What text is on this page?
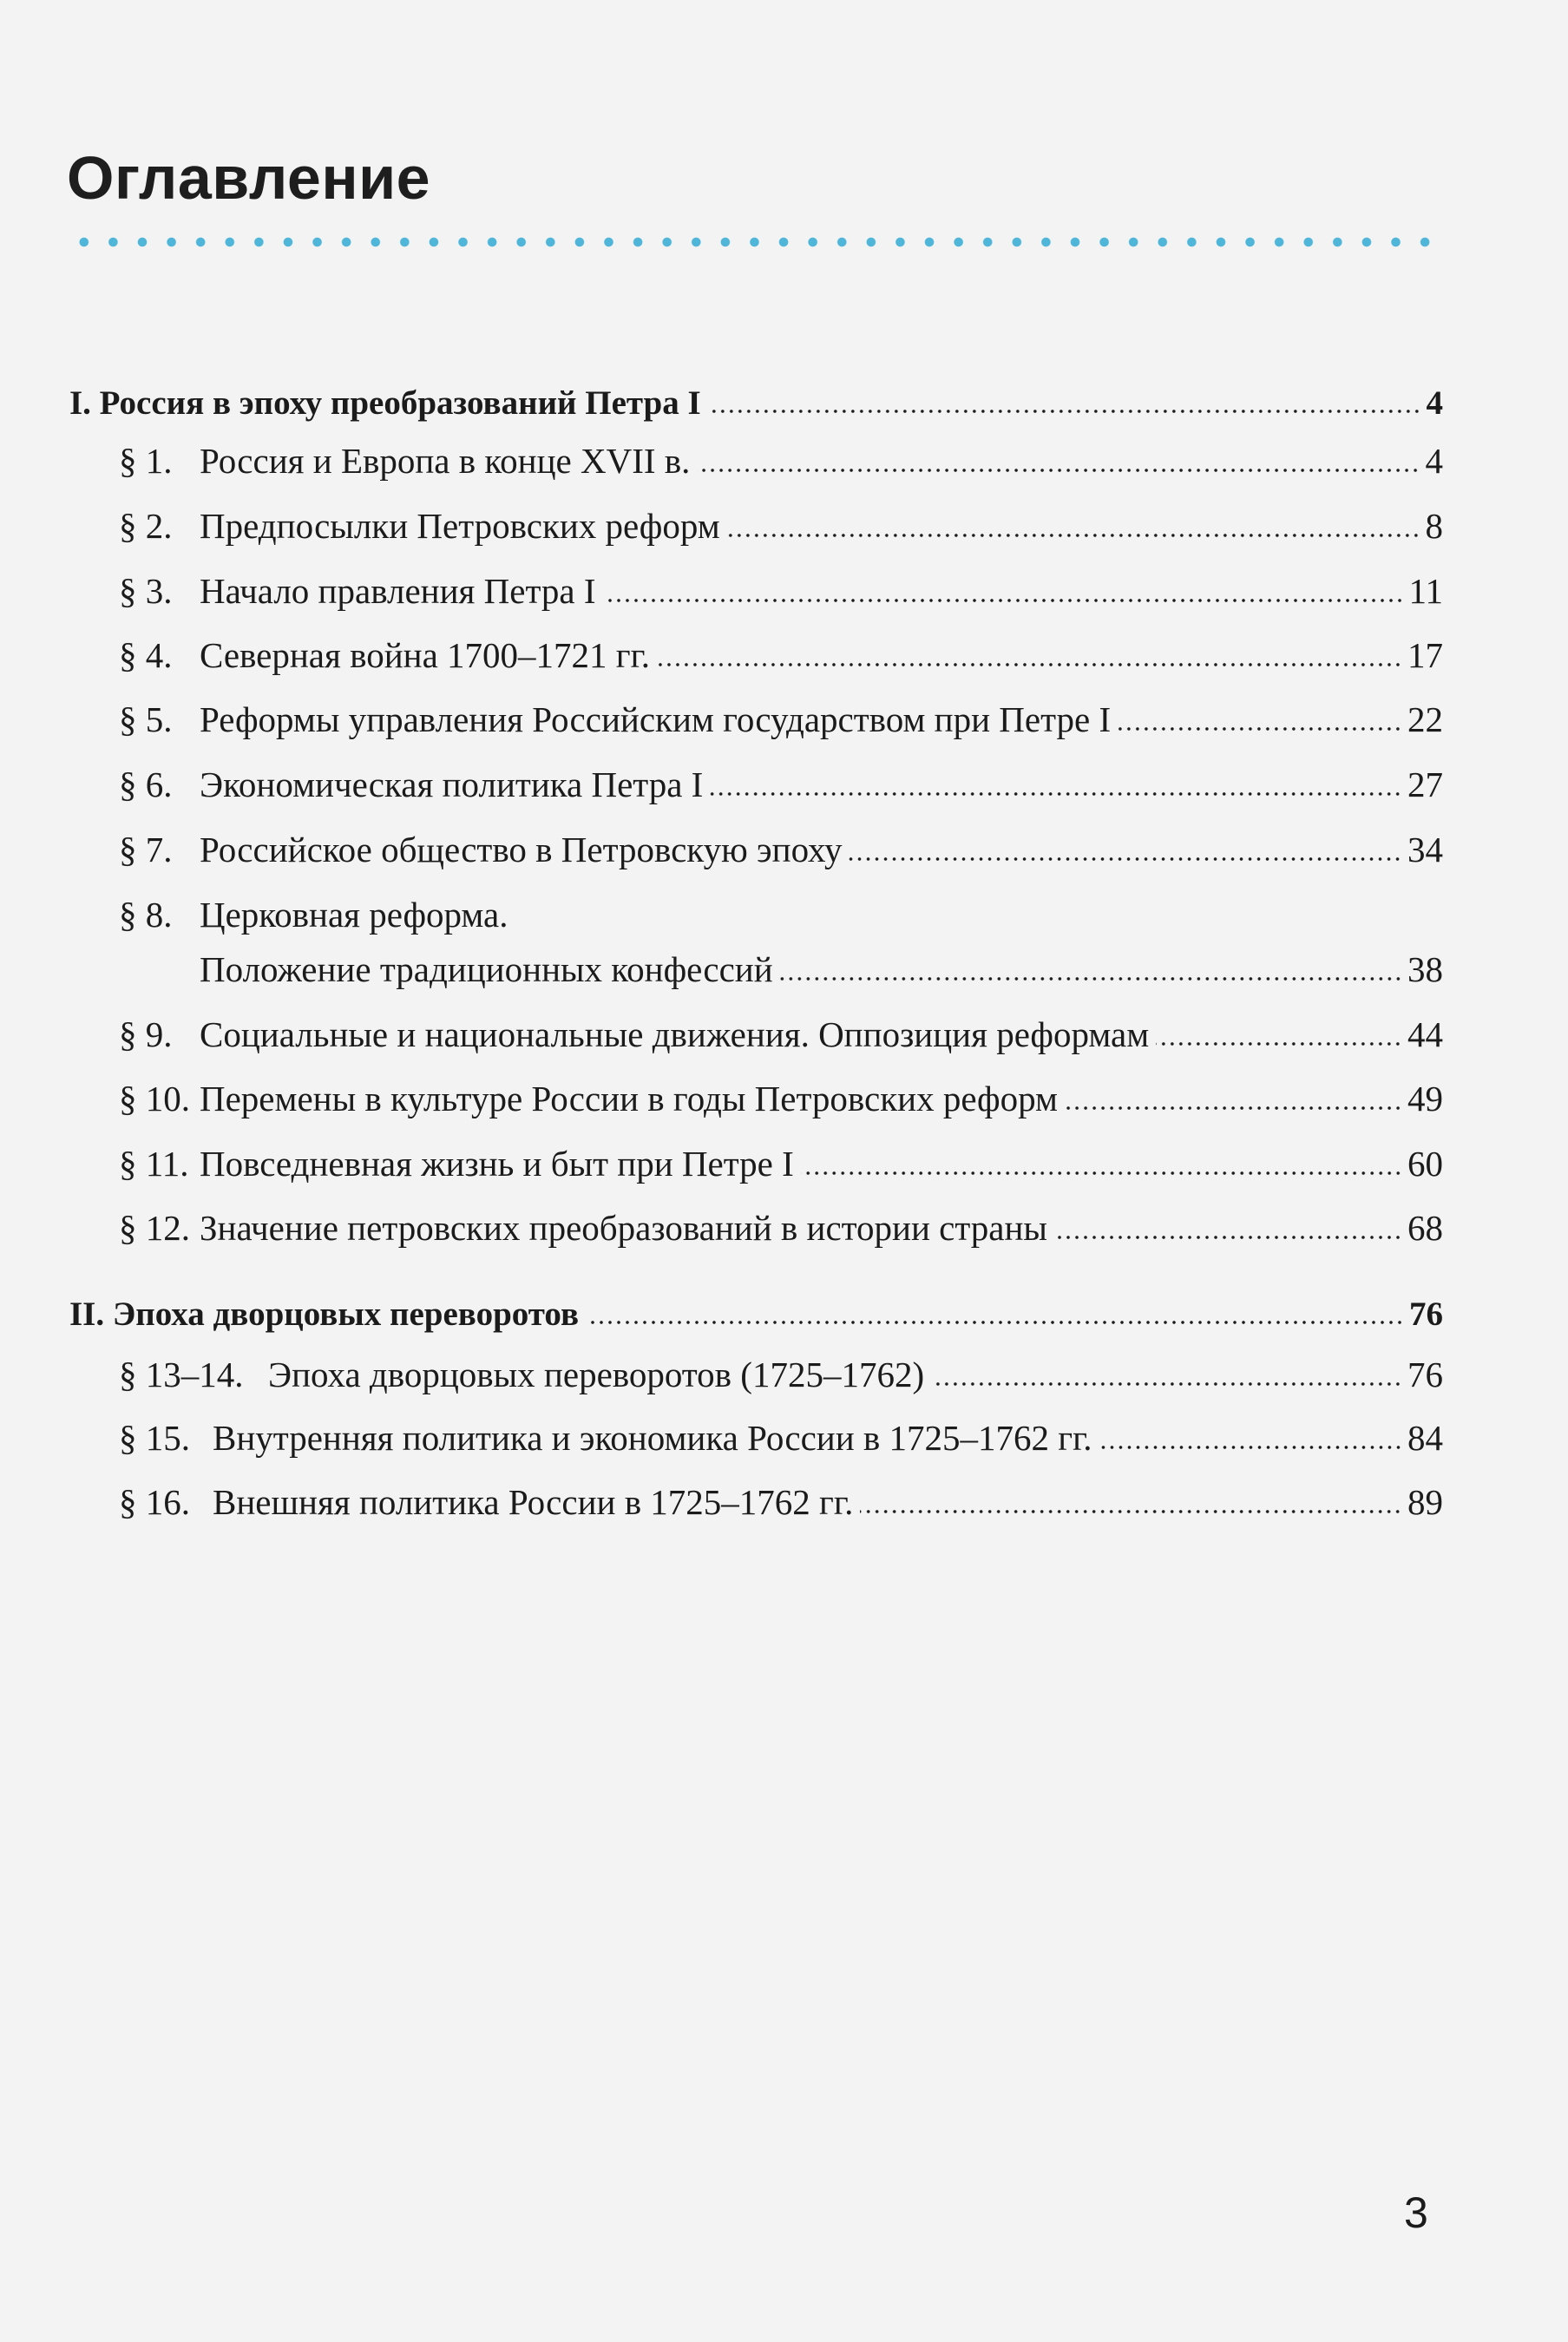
Оглавление
I. Россия в эпоху преобразований Петра I	4
§ 1. Россия и Европа в конце XVII в.	4
§ 2. Предпосылки Петровских реформ	8
§ 3. Начало правления Петра I	11
§ 4. Северная война 1700–1721 гг.	17
§ 5. Реформы управления Российским государством при Петре I	22
§ 6. Экономическая политика Петра I	27
§ 7. Российское общество в Петровскую эпоху	34
§ 8. Церковная реформа.
Положение традиционных конфессий	38
§ 9. Социальные и национальные движения. Оппозиция реформам	44
§ 10. Перемены в культуре России в годы Петровских реформ	49
§ 11. Повседневная жизнь и быт при Петре I	60
§ 12. Значение петровских преобразований в истории страны	68
II. Эпоха дворцовых переворотов	76
§ 13–14. Эпоха дворцовых переворотов (1725–1762)	76
§ 15. Внутренняя политика и экономика России в 1725–1762 гг.	84
§ 16. Внешняя политика России в 1725–1762 гг.	89

3
